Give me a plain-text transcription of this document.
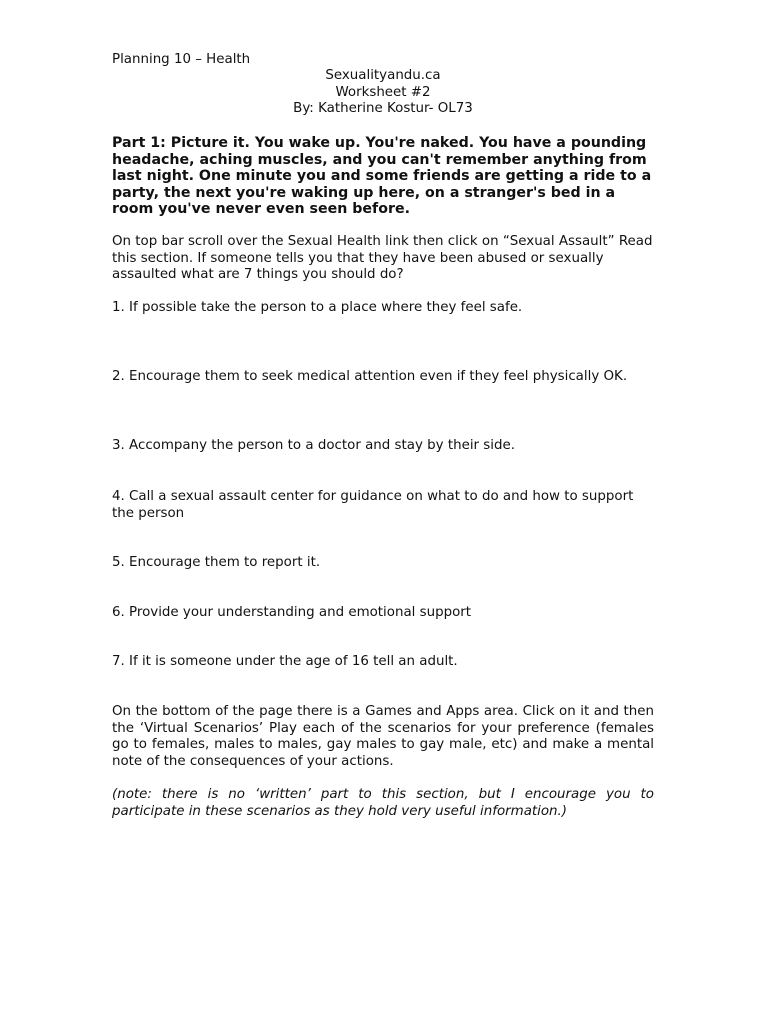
Planning 10 – Health

Sexualityandu.ca

Worksheet #2

By: Katherine Kostur- OL73

Part 1: Picture it. You wake up. You're naked. You have a pounding headache, aching muscles, and you can't remember anything from last night. One minute you and some friends are getting a ride to a party, the next you're waking up here, on a stranger's bed in a room you've never even seen before.

On top bar scroll over the Sexual Health link then click on “Sexual Assault” Read this section. If someone tells you that they have been abused or sexually assaulted what are 7 things you should do?

1. If possible take the person to a place where they feel safe.

2. Encourage them to seek medical attention even if they feel physically OK.

3. Accompany the person to a doctor and stay by their side.

4. Call a sexual assault center for guidance on what to do and how to support the person

5. Encourage them to report it.

6. Provide your understanding and emotional support

7. If it is someone under the age of 16 tell an adult.

On the bottom of the page there is a Games and Apps area. Click on it and then the ‘Virtual Scenarios’ Play each of the scenarios for your preference (females go to females, males to males, gay males to gay male, etc) and make a mental note of the consequences of your actions.

(note: there is no ‘written’ part to this section, but I encourage you to participate in these scenarios as they hold very useful information.)
